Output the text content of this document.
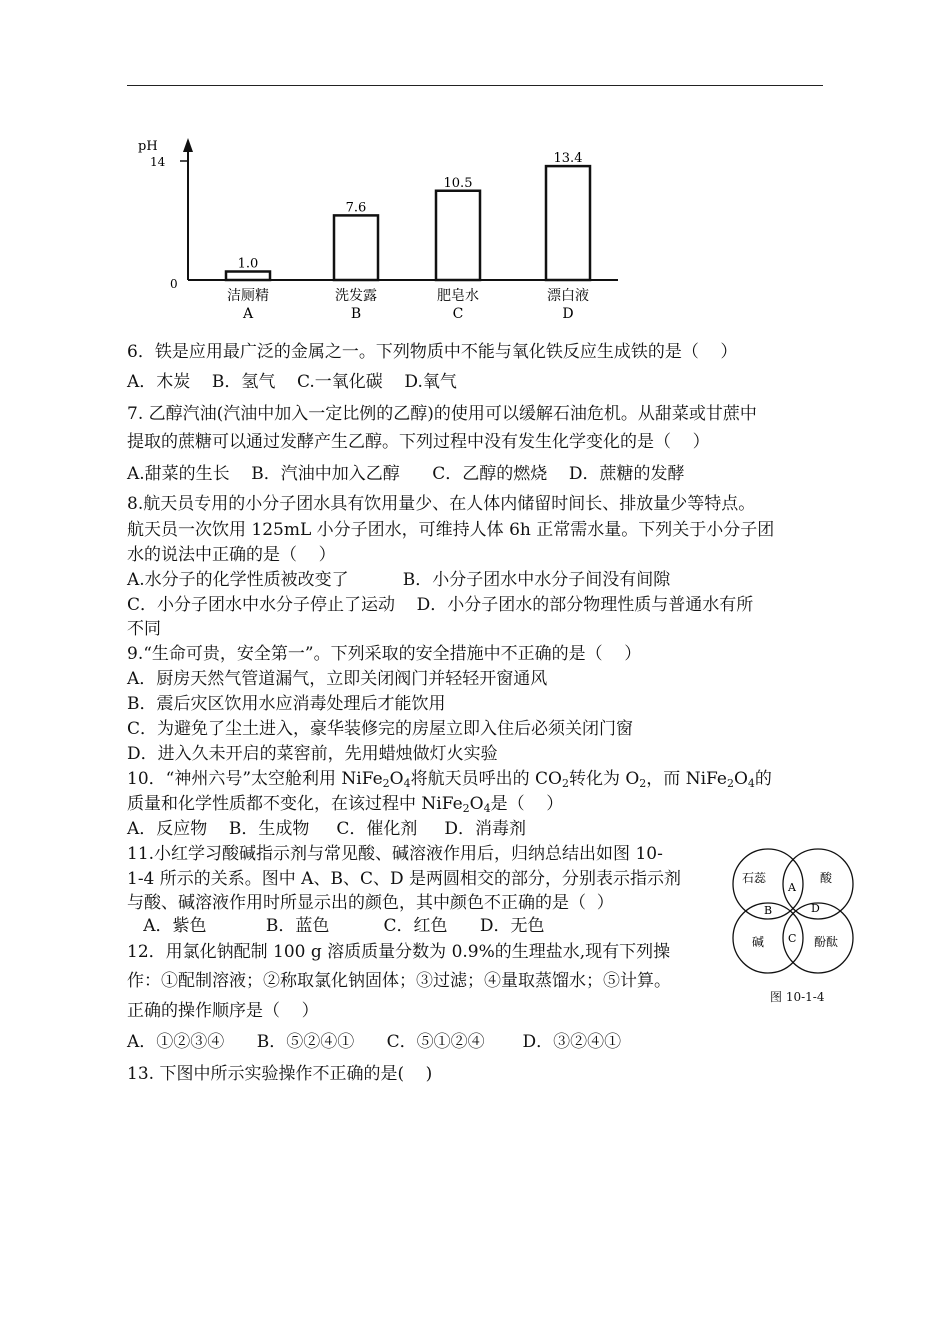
pH
14
0
1.0
洁厕精
A
7.6
洗发露
B
10.5
肥皂水
C
13.4
漂白液
D
6．铁是应用最广泛的金属之一。下列物质中不能与氧化铁反应生成铁的是（    ）
A．木炭    B．氢气    C.一氧化碳    D.氧气
7. 乙醇汽油(汽油中加入一定比例的乙醇)的使用可以缓解石油危机。从甜菜或甘蔗中
提取的蔗糖可以通过发酵产生乙醇。下列过程中没有发生化学变化的是（    ）
A.甜菜的生长    B．汽油中加入乙醇      C．乙醇的燃烧    D．蔗糖的发酵
8.航天员专用的小分子团水具有饮用量少、在人体内储留时间长、排放量少等特点。
航天员一次饮用 125mL 小分子团水，可维持人体 6h 正常需水量。下列关于小分子团
水的说法中正确的是（    ）
A.水分子的化学性质被改变了          B．小分子团水中水分子间没有间隙
C．小分子团水中水分子停止了运动    D．小分子团水的部分物理性质与普通水有所
不同
9.“生命可贵，安全第一”。下列采取的安全措施中不正确的是（    ）
A．厨房天然气管道漏气，立即关闭阀门并轻轻开窗通风
B．震后灾区饮用水应消毒处理后才能饮用
C．为避免了尘土进入，豪华装修完的房屋立即入住后必须关闭门窗
D．进入久未开启的菜窖前，先用蜡烛做灯火实验
10．“神州六号”太空舱利用 $NiFe_2O_4$将航天员呼出的 $CO_2$转化为 $O_2$，而 $NiFe_2O_4$的
质量和化学性质都不变化，在该过程中 $NiFe_2O_4$是（    ）
A．反应物    B．生成物     C．催化剂     D．消毒剂
11.小红学习酸碱指示剂与常见酸、碱溶液作用后，归纳总结出如图 10-
1-4 所示的关系。图中 A、B、C、D 是两圆相交的部分，分别表示指示剂
与酸、碱溶液作用时所显示出的颜色，其中颜色不正确的是（  ）
A．紫色           B．蓝色          C．红色      D．无色
石蕊	酸
碱	酚酞
A
B
C
D
图 10-1-4
12．用氯化钠配制 100 g 溶质质量分数为 0.9%的生理盐水,现有下列操
作：①配制溶液；②称取氯化钠固体；③过滤；④量取蒸馏水；⑤计算。
正确的操作顺序是（    ）
A．①②③④      B．⑤②④①      C．⑤①②④       D．③②④①
13. 下图中所示实验操作不正确的是(    )
